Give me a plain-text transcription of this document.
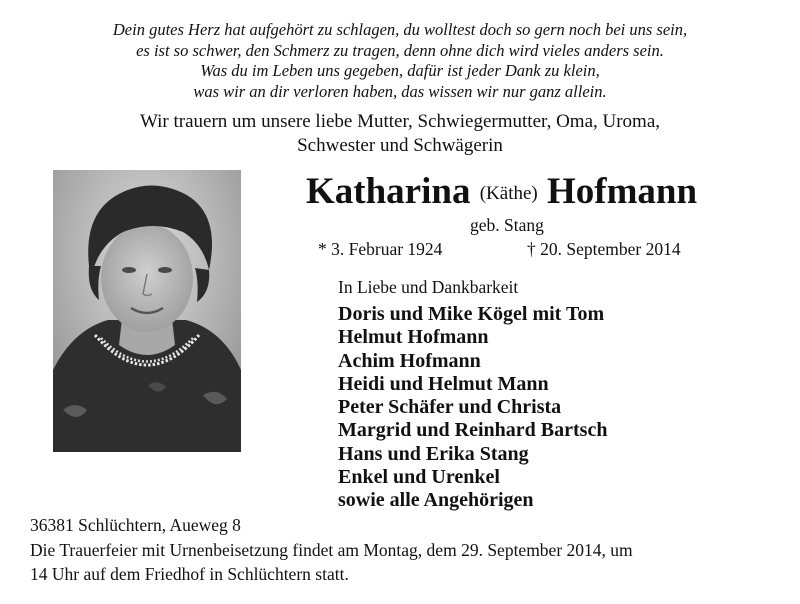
Dein gutes Herz hat aufgehört zu schlagen, du wolltest doch so gern noch bei uns sein,
es ist so schwer, den Schmerz zu tragen, denn ohne dich wird vieles anders sein.
Was du im Leben uns gegeben, dafür ist jeder Dank zu klein,
was wir an dir verloren haben, das wissen wir nur ganz allein.
Wir trauern um unsere liebe Mutter, Schwiegermutter, Oma, Uroma,
Schwester und Schwägerin
Katharina (Käthe) Hofmann
geb. Stang
* 3. Februar 1924	† 20. September 2014
In Liebe und Dankbarkeit
Doris und Mike Kögel mit Tom
Helmut Hofmann
Achim Hofmann
Heidi und Helmut Mann
Peter Schäfer und Christa
Margrid und Reinhard Bartsch
Hans und Erika Stang
Enkel und Urenkel
sowie alle Angehörigen
36381 Schlüchtern, Aueweg 8
Die Trauerfeier mit Urnenbeisetzung findet am Montag, dem 29. September 2014, um
14 Uhr auf dem Friedhof in Schlüchtern statt.
